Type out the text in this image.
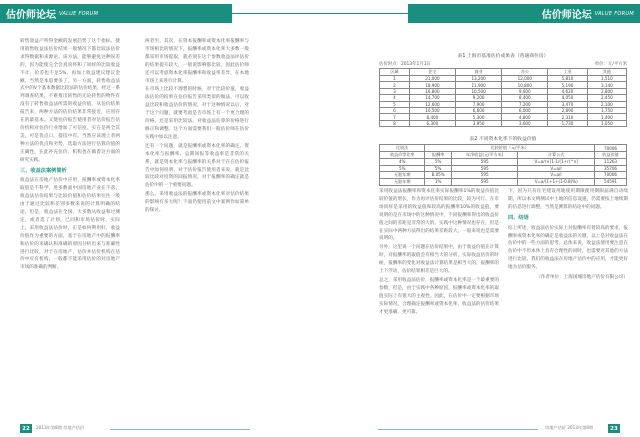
估价师论坛 VALUE FORUM	估价师论坛 VALUE FORUM

转售效益产所得金额的发展趋势了这个指标。使用销售收益法估价结果一般情况下都比较法估价求得数据和来源论。该方法，能够避免这种误差的，因为能使完全会真说将和了同样的比较收益不计，价差也不足5%。再加上收益建议建议金额，当然是本思要多了。另一方面，转售收益法式中的V个基本数据比较法的估价结果，经过一系列调查结果，不难推出转售的无论转售的物件有没有了转售收益法所需的收益价值，从估价结果报告来，两种方法的估价结果非常接近，应用存在的最基本。又使估价报告使用者对估价报告估价机构对估价行业增加了可信度。实在是两全其美，可是优点口，提技中有。当然应该理上者两种方法的优点和劣势，选取方法进行估算价值的正确性，在此补充估价，机构也在做着这方面的研究实践。

三、收益法案例简析

收益法在房地产估价中应用，报酬率或资本化率取值是不科学，进多数面中国房地产业在不落。收益法估价结果与比较价值和估价结果往往一般由于通过比较和差别多数来说的计算明确的结论，但是，收益法在全国，大多数从收益和过测定，或者选了计划，已同和市场估价时，实际上，采用收益法估价时，正是如何利用好，收益价值作为重要的方面，基于在房地产中的报酬率和估价的来确认和准确的原因分析出来与准确性进行比较，对于在房地产，估价并估价机构在估价中应有机构，一般都不能采用估价的对房地产市场的准确的判断。

两者至。其次，在资本报酬率或资本化率报酬率与市场相比的情况下，报酬率或资本化率大多数一般都采用市场提取，就必须在这个参数收益法评估价的结果提升较大，一般说影响都比较。因此估价师还可以考虑资本化率报酬率和收益率差异，在本地市场上来进行计算。

在市场上比较不理想的时候，对于比较价值，收益法估价的结果在估价报告采用类似的做法，可以收益比较和收益估价的情况，对于这种情况以后，对于这个问题，就要考虑是否市场上有一个更合理的价格，还是采用比较法，对收益法估算的价格进行修正和调整。这个方面需要我们一般估价师在估价实践中加以注意。

还有一个问题，就是报酬率或资本化率的确定。资本化率与报酬率、总期回报等收益率是非常的关系，就是资本化率与报酬率的关系对于在在估价报告中如何说明，对于估价报告使用者来说，就是比较比较对投资的回报情况，对于报酬率的确定就是估价中的一个重要问题。

那么，采用收益法的报酬率或资本化率对估价结果的影响有多大呢？下面仍使用前文中案例作如简单的探讨。

表1 上海市基准估价成果表（普通商住房）
估价时点：2013年1月1日	单位：元/平方米
区域	住宅	商业	办公	工业	其他
1	21,000	13,200	12,000	5,810	3,510
2	18,900	11,900	10,800	5,190	3,140
3	16,800	10,500	9,600	4,620	2,800
4	14,700	9,200	8,400	4,050	2,450
5	12,600	7,900	7,200	3,470	2,100
6	10,500	6,600	6,000	2,890	1,750
7	8,400	5,300	4,800	2,310	1,400
8	6,300	3,950	3,600	1,730	1,050
表2 不同资本化率下的收益价值
比较法	比较价值（元/平米）			70006
收益价等比率	报酬率	年净收益(元/平方米)	计算公式	收益价值
4%	5%	595	V=a/r×[1-1/(1+r)^n]	11263
5%	5%	595	V=a/r	35706
无限年期	8.05%	595	V=a/r	70006
无限年期	1%	595	V=a/(1+1+(1-0.8)%)	54591

采用收益法报酬率和资本化率实际报酬率1%的收益价值比较价值的增长，作为再评估价结果的比较，较为可行。在市场同样是采用的收益值和较高的报酬率10%的收益值，要说明的是在市场中的这种情况中，不同报酬率得出的收益价值之间的差距是非常的大的。实践中这种情况也存在，但是在实际中两种方法得出的结果差距较大，一般来说也是需要说明的。

另外，这里说一个问题在估价结果中，由于收益价值在计算时，对报酬率的取值会有相当大的分析，实际收益估价的时候，报酬率的变化对收益法计算结果是相当大的，报酬率的上下浮动，估价结果相差是巨大的。

总之，采用收益法估价，报酬率或资本化率是一个最重要的参数，但是，由于实践中各种原因，报酬率或资本化率的取值实际上有很大的主观性。因此，在估价中一定要根据市场实际情况，合理确定报酬率或资本化率，收益法的估价结果才更准确、更可靠。

下，因为只有住宅建设用地使用期限使用期限届满自动续期，所以本文例测试中土地的信息设施，仍需要按土地续期的信息进行调整，当然是测算的结论中的问题。

四、结语

综上所述，收益法估价实际上对报酬率有着较高的要求，报酬率或资本化率的确定是收益法的关键，以上是对收益法在估价中的一些方面的思考。总体来说，收益法使用要注意在估价中不但本体上具有合理性的同时，也需要对其他的方法进行比较，我们的收益法在房地产估价中的应用，才能更好地为估价服务。

（作者单位：上海国城房地产估价有限公司）

22	2013年第8期 房地产估价	房地产估价 2013年第8期	23
